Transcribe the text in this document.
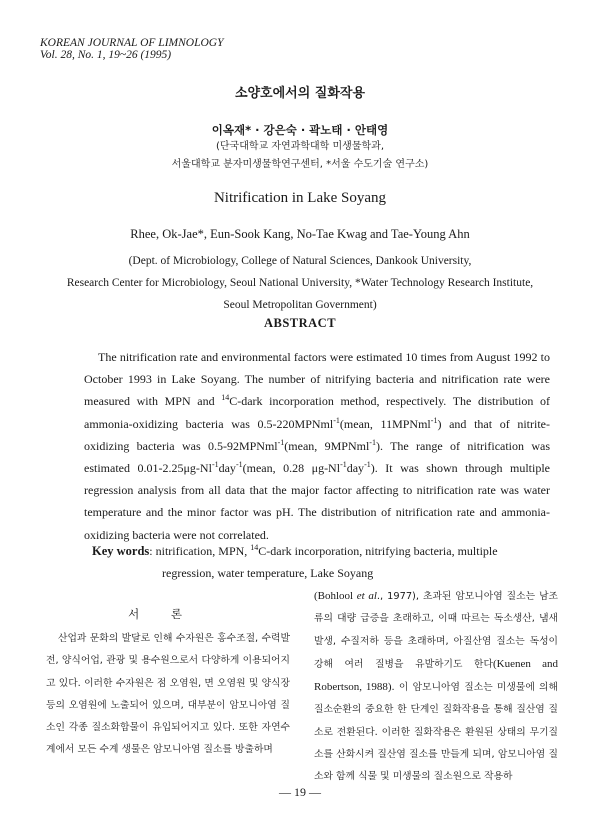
KOREAN JOURNAL OF LIMNOLOGY
Vol. 28, No. 1, 19~26 (1995)
소양호에서의 질화작용
이옥재* · 강은숙 · 곽노태 · 안태영
(단국대학교 자연과학대학 미생물학과,
서울대학교 분자미생물학연구센터, *서울 수도기술 연구소)
Nitrification in Lake Soyang
Rhee, Ok-Jae*, Eun-Sook Kang, No-Tae Kwag and Tae-Young Ahn
(Dept. of Microbiology, College of Natural Sciences, Dankook University,
Research Center for Microbiology, Seoul National University, *Water Technology Research Institute,
Seoul Metropolitan Government)
ABSTRACT

The nitrification rate and environmental factors were estimated 10 times from August 1992 to October 1993 in Lake Soyang. The number of nitrifying bacteria and nitrification rate were measured with MPN and $^{14}$C-dark incorporation method, respectively. The distribution of ammonia-oxidizing bacteria was 0.5-220MPNml$^{-1}$(mean, 11MPNml$^{-1}$) and that of nitrite-oxidizing bacteria was 0.5-92MPNml$^{-1}$(mean, 9MPNml$^{-1}$). The range of nitrification was estimated $0.01-2.25\mu g-Nl^{-1}day^{-1}(mean$, 0.28 $\mu g-Nl^{-1}day^{-1}$). It was shown through multiple regression analysis from all data that the major factor affecting to nitrification rate was water temperature and the minor factor was pH. The distribution of nitrification rate and ammonia-oxidizing bacteria were not correlated.

Key words: nitrification, MPN, $^{14}$C-dark incorporation, nitrifying bacteria, multiple
regression, water temperature, Lake Soyang
서 론
산업과 문화의 발달로 인해 수자원은 홍수조절, 수력발전, 양식어업, 관광 및 용수원으로서 다양하게 이용되어지고 있다. 이러한 수자원은 점 오염원, 면 오염원 및 양식장 등의 오염원에 노출되어 있으며, 대부분이 암모니아염 질소인 각종 질소화합물이 유입되어지고 있다. 또한 자연수계에서 모든 수계 생물은 암모니아염 질소를 방출하며
(Bohlool et al., 1977), 초과된 암모니아염 질소는 남조류의 대량 급증을 초래하고, 이때 따르는 독소생산, 냄새발생, 수질저하 등을 초래하며, 아질산염 질소는 독성이 강해 여러 질병을 유발하기도 한다(Kuenen and Robertson, 1988). 이 암모니아염 질소는 미생물에 의해 질소순환의 중요한 한 단계인 질화작용을 통해 질산염 질소로 전환된다. 이러한 질화작용은 환원된 상태의 무기질소를 산화시켜 질산염 질소를 만들게 되며, 암모니아염 질소와 함께 식물 및 미생물의 질소원으로 작용하
— 19 —
